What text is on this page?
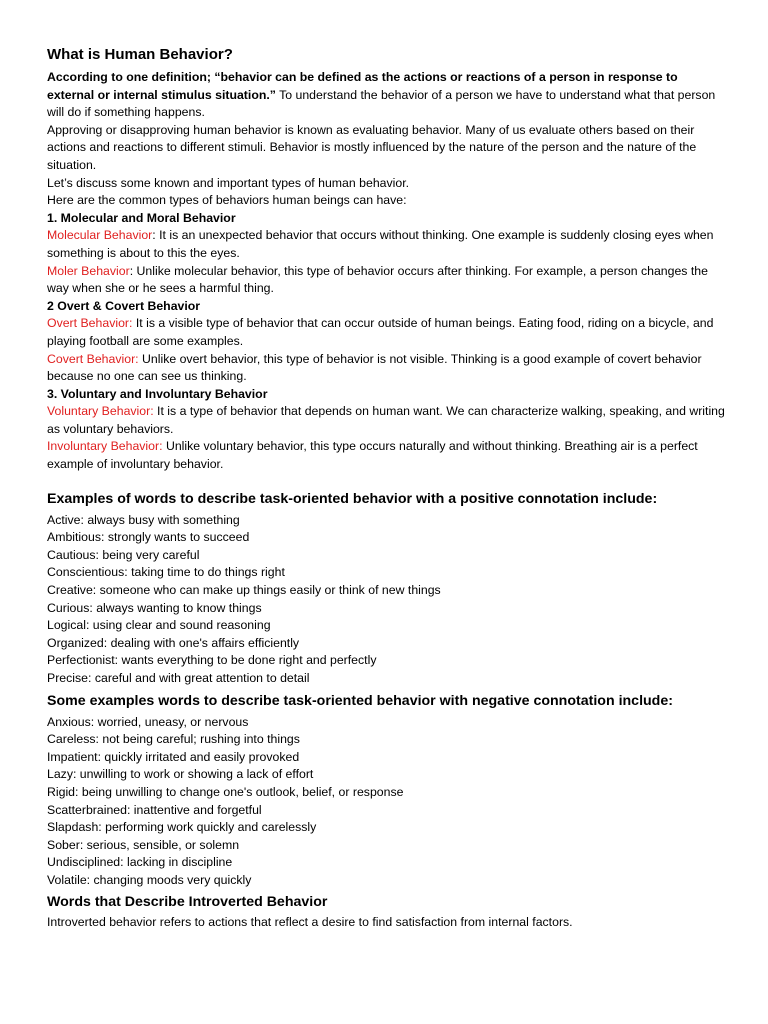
What is Human Behavior?

According to one definition; “behavior can be defined as the actions or reactions of a person in response to external or internal stimulus situation.” To understand the behavior of a person we have to understand what that person will do if something happens.

Approving or disapproving human behavior is known as evaluating behavior. Many of us evaluate others based on their actions and reactions to different stimuli. Behavior is mostly influenced by the nature of the person and the nature of the situation.

Let’s discuss some known and important types of human behavior.

Here are the common types of behaviors human beings can have:

1. Molecular and Moral Behavior

Molecular Behavior: It is an unexpected behavior that occurs without thinking. One example is suddenly closing eyes when something is about to this the eyes.

Moler Behavior: Unlike molecular behavior, this type of behavior occurs after thinking. For example, a person changes the way when she or he sees a harmful thing.

2 Overt & Covert Behavior

Overt Behavior: It is a visible type of behavior that can occur outside of human beings. Eating food, riding on a bicycle, and playing football are some examples.

Covert Behavior: Unlike overt behavior, this type of behavior is not visible. Thinking is a good example of covert behavior because no one can see us thinking.

3. Voluntary and Involuntary Behavior

Voluntary Behavior: It is a type of behavior that depends on human want. We can characterize walking, speaking, and writing as voluntary behaviors.

Involuntary Behavior: Unlike voluntary behavior, this type occurs naturally and without thinking. Breathing air is a perfect example of involuntary behavior.

Examples of words to describe task-oriented behavior with a positive connotation include:
Active: always busy with something
Ambitious: strongly wants to succeed
Cautious: being very careful
Conscientious: taking time to do things right
Creative: someone who can make up things easily or think of new things
Curious: always wanting to know things
Logical: using clear and sound reasoning
Organized: dealing with one's affairs efficiently
Perfectionist: wants everything to be done right and perfectly
Precise: careful and with great attention to detail
Some examples words to describe task-oriented behavior with negative connotation include:
Anxious: worried, uneasy, or nervous
Careless: not being careful; rushing into things
Impatient: quickly irritated and easily provoked
Lazy: unwilling to work or showing a lack of effort
Rigid: being unwilling to change one's outlook, belief, or response
Scatterbrained: inattentive and forgetful
Slapdash: performing work quickly and carelessly
Sober: serious, sensible, or solemn
Undisciplined: lacking in discipline
Volatile: changing moods very quickly
Words that Describe Introverted Behavior

Introverted behavior refers to actions that reflect a desire to find satisfaction from internal factors.
